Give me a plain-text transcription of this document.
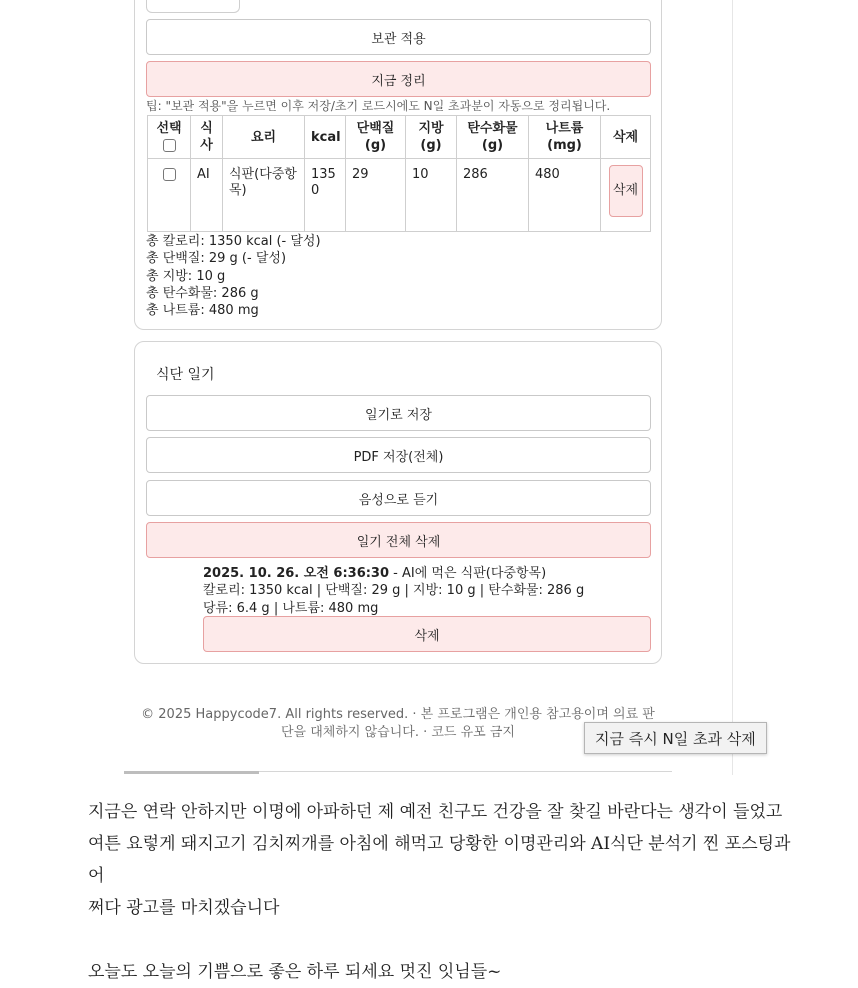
보관 적용
지금 정리
팁: "보관 적용"을 누르면 이후 저장/초기 로드시에도 N일 초과분이 자동으로 정리됩니다.
선택	식사	요리	kcal	단백질 (g)	지방 (g)	탄수화물 (g)	나트륨 (mg)	삭제
	AI	식판(다중항목)	1350	29	10	286	480	삭제
총 칼로리: 1350 kcal (- 달성)
총 단백질: 29 g (- 달성)
총 지방: 10 g
총 탄수화물: 286 g
총 나트륨: 480 mg
식단 일기
일기로 저장
PDF 저장(전체)
음성으로 듣기
일기 전체 삭제
2025. 10. 26. 오전 6:36:30 - AI에 먹은 식판(다중항목)
칼로리: 1350 kcal | 단백질: 29 g | 지방: 10 g | 탄수화물: 286 g
당류: 6.4 g | 나트륨: 480 mg
삭제
© 2025 Happycode7. All rights reserved. · 본 프로그램은 개인용 참고용이며 의료 판
단을 대체하지 않습니다. · 코드 유포 금지	지금 즉시 N일 초과 삭제

지금은 연락 안하지만 이명에 아파하던 제 예전 친구도 건강을 잘 찾길 바란다는 생각이 들었고

여튼 요렇게 돼지고기 김치찌개를 아침에 해먹고 당황한 이명관리와 AI식단 분석기 찐 포스팅과 어

쩌다 광고를 마치겠습니다

오늘도 오늘의 기쁨으로 좋은 하루 되세요 멋진 잇님들~
